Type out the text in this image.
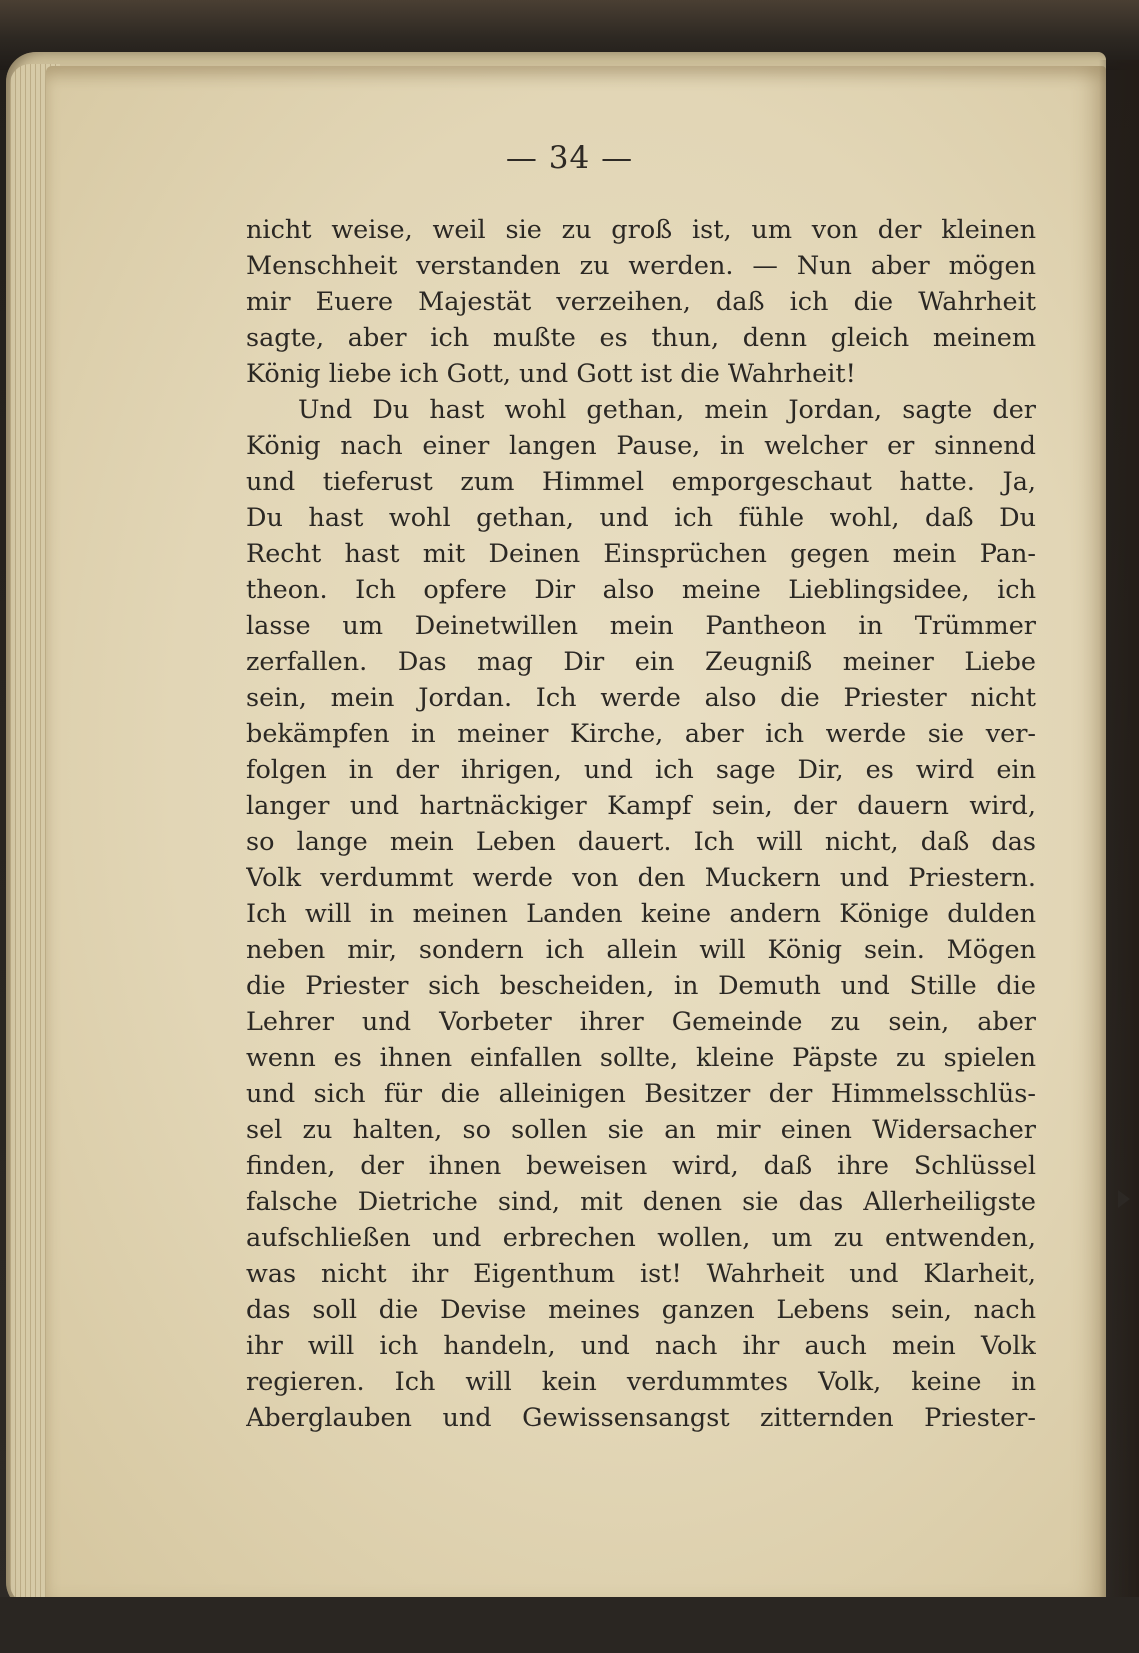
— 34 —
nicht weise, weil sie zu groß ist, um von der kleinen
Menschheit verstanden zu werden. — Nun aber mögen
mir Euere Majestät verzeihen, daß ich die Wahrheit
sagte, aber ich mußte es thun, denn gleich meinem
König liebe ich Gott, und Gott ist die Wahrheit!
Und Du hast wohl gethan, mein Jordan, sagte der
König nach einer langen Pause, in welcher er sinnend
und tieferust zum Himmel emporgeschaut hatte. Ja,
Du hast wohl gethan, und ich fühle wohl, daß Du
Recht hast mit Deinen Einsprüchen gegen mein Pan-
theon. Ich opfere Dir also meine Lieblingsidee, ich
lasse um Deinetwillen mein Pantheon in Trümmer
zerfallen. Das mag Dir ein Zeugniß meiner Liebe
sein, mein Jordan. Ich werde also die Priester nicht
bekämpfen in meiner Kirche, aber ich werde sie ver-
folgen in der ihrigen, und ich sage Dir, es wird ein
langer und hartnäckiger Kampf sein, der dauern wird,
so lange mein Leben dauert. Ich will nicht, daß das
Volk verdummt werde von den Muckern und Priestern.
Ich will in meinen Landen keine andern Könige dulden
neben mir, sondern ich allein will König sein. Mögen
die Priester sich bescheiden, in Demuth und Stille die
Lehrer und Vorbeter ihrer Gemeinde zu sein, aber
wenn es ihnen einfallen sollte, kleine Päpste zu spielen
und sich für die alleinigen Besitzer der Himmelsschlüs-
sel zu halten, so sollen sie an mir einen Widersacher
finden, der ihnen beweisen wird, daß ihre Schlüssel
falsche Dietriche sind, mit denen sie das Allerheiligste
aufschließen und erbrechen wollen, um zu entwenden,
was nicht ihr Eigenthum ist! Wahrheit und Klarheit,
das soll die Devise meines ganzen Lebens sein, nach
ihr will ich handeln, und nach ihr auch mein Volk
regieren. Ich will kein verdummtes Volk, keine in
Aberglauben und Gewissensangst zitternden Priester-
